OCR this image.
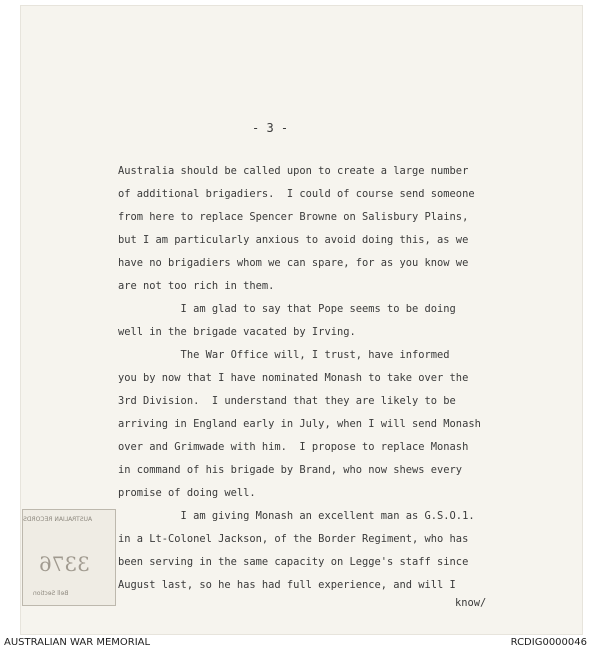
- 3 -
Australia should be called upon to create a large number
of additional brigadiers.  I could of course send someone
from here to replace Spencer Browne on Salisbury Plains,
but I am particularly anxious to avoid doing this, as we
have no brigadiers whom we can spare, for as you know we
are not too rich in them.
I am glad to say that Pope seems to be doing
well in the brigade vacated by Irving.
The War Office will, I trust, have informed
you by now that I have nominated Monash to take over the
3rd Division.  I understand that they are likely to be
arriving in England early in July, when I will send Monash
over and Grimwade with him.  I propose to replace Monash
in command of his brigade by Brand, who now shews every
promise of doing well.
I am giving Monash an excellent man as G.S.O.1.
in a Lt-Colonel Jackson, of the Border Regiment, who has
been serving in the same capacity on Legge's staff since
August last, so he has had full experience, and will I
know/
AUSTRALIAN RECORDS
3376
Bell Section
AUSTRALIAN WAR MEMORIAL	RCDIG0000046
